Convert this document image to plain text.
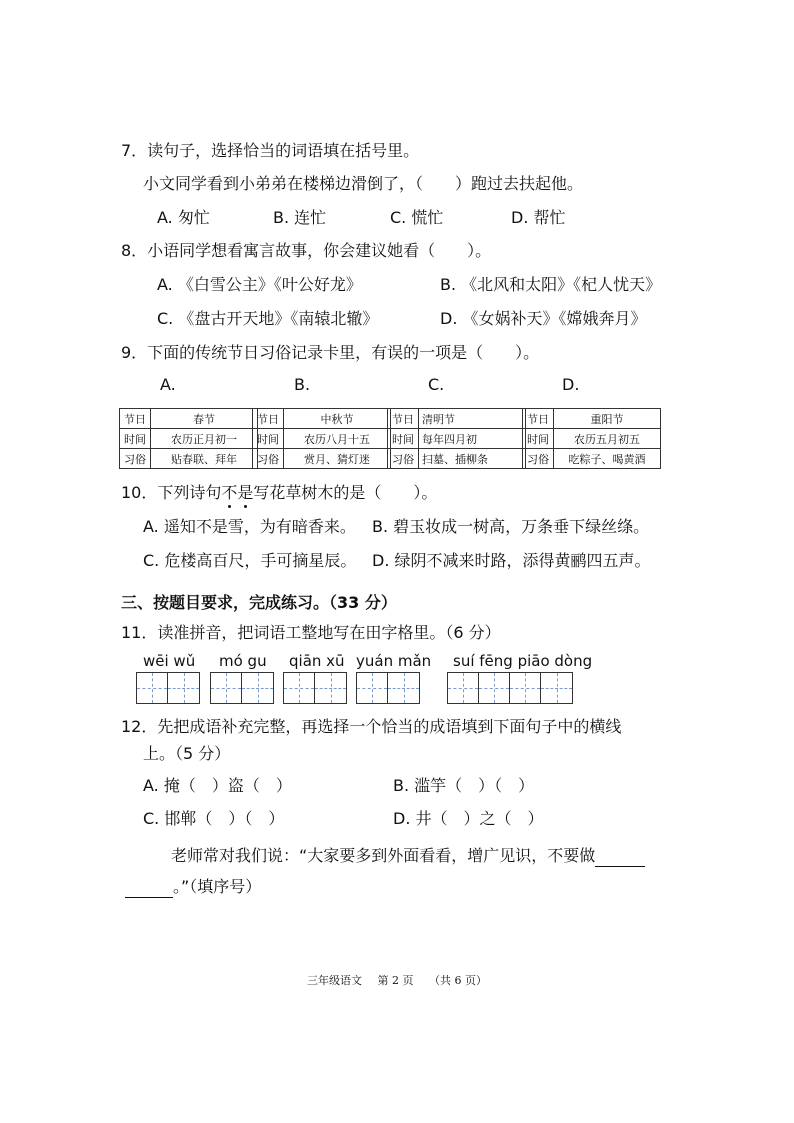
7．读句子，选择恰当的词语填在括号里。
小文同学看到小弟弟在楼梯边滑倒了，（　　）跑过去扶起他。
A. 匆忙	B. 连忙	C. 慌忙	D. 帮忙
8．小语同学想看寓言故事，你会建议她看（　　）。
A. 《白雪公主》《叶公好龙》	B. 《北风和太阳》《杞人忧天》
C. 《盘古开天地》《南辕北辙》	D. 《女娲补天》《嫦娥奔月》
9．下面的传统节日习俗记录卡里，有误的一项是（　　）。
A.	B.	C.	D.
节日	春节
时间	农历正月初一
习俗	贴春联、拜年
节日	中秋节
时间	农历八月十五
习俗	赏月、猜灯迷
节日	清明节
时间	每年四月初
习俗	扫墓、插柳条
节日	重阳节
时间	农历五月初五
习俗	吃粽子、喝黄酒
10．下列诗句不是写花草树木的是（　　）。
A. 遥知不是雪，为有暗香来。 B. 碧玉妆成一树高，万条垂下绿丝绦。
C. 危楼高百尺，手可摘星辰。 D. 绿阴不减来时路，添得黄鹂四五声。
三、按题目要求，完成练习。（33 分）
11．读准拼音，把词语工整地写在田字格里。（6 分）
wēi wǔ mó gu qiān xū yuán mǎn suí fēng piāo dòng
12．先把成语补充完整，再选择一个恰当的成语填到下面句子中的横线
上。（5 分）
A. 掩（　）盗（　）	B. 滥竽（　）（　）
C. 邯郸（　）（　）	D. 井（　）之（　）
老师常对我们说：“大家要多到外面看看，增广见识，不要做
。”（填序号）
三年级语文 第 2 页 （共 6 页）
